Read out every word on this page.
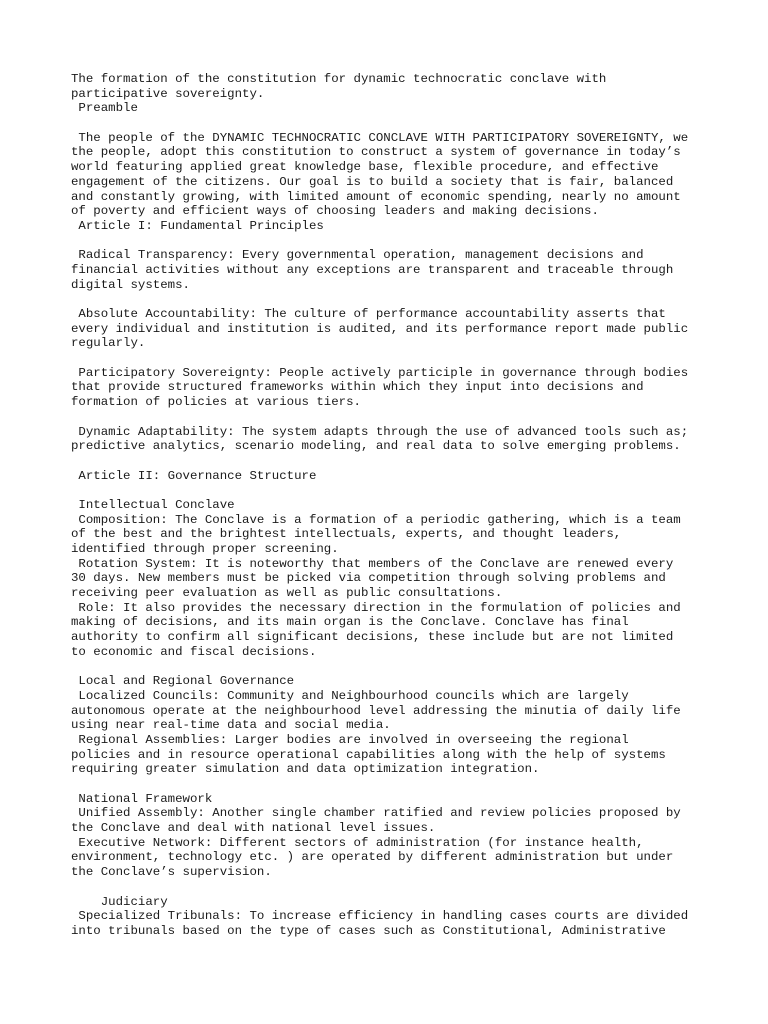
The formation of the constitution for dynamic technocratic conclave with
participative sovereignty.
Preamble
The people of the DYNAMIC TECHNOCRATIC CONCLAVE WITH PARTICIPATORY SOVEREIGNTY, we
the people, adopt this constitution to construct a system of governance in today’s
world featuring applied great knowledge base, flexible procedure, and effective
engagement of the citizens. Our goal is to build a society that is fair, balanced
and constantly growing, with limited amount of economic spending, nearly no amount
of poverty and efficient ways of choosing leaders and making decisions.
Article I: Fundamental Principles
Radical Transparency: Every governmental operation, management decisions and
financial activities without any exceptions are transparent and traceable through
digital systems.
Absolute Accountability: The culture of performance accountability asserts that
every individual and institution is audited, and its performance report made public
regularly.
Participatory Sovereignty: People actively participle in governance through bodies
that provide structured frameworks within which they input into decisions and
formation of policies at various tiers.
Dynamic Adaptability: The system adapts through the use of advanced tools such as;
predictive analytics, scenario modeling, and real data to solve emerging problems.
Article II: Governance Structure
Intellectual Conclave
Composition: The Conclave is a formation of a periodic gathering, which is a team
of the best and the brightest intellectuals, experts, and thought leaders,
identified through proper screening.
Rotation System: It is noteworthy that members of the Conclave are renewed every
30 days. New members must be picked via competition through solving problems and
receiving peer evaluation as well as public consultations.
Role: It also provides the necessary direction in the formulation of policies and
making of decisions, and its main organ is the Conclave. Conclave has final
authority to confirm all significant decisions, these include but are not limited
to economic and fiscal decisions.
Local and Regional Governance
Localized Councils: Community and Neighbourhood councils which are largely
autonomous operate at the neighbourhood level addressing the minutia of daily life
using near real-time data and social media.
Regional Assemblies: Larger bodies are involved in overseeing the regional
policies and in resource operational capabilities along with the help of systems
requiring greater simulation and data optimization integration.
National Framework
Unified Assembly: Another single chamber ratified and review policies proposed by
the Conclave and deal with national level issues.
Executive Network: Different sectors of administration (for instance health,
environment, technology etc. ) are operated by different administration but under
the Conclave’s supervision.
Judiciary
Specialized Tribunals: To increase efficiency in handling cases courts are divided
into tribunals based on the type of cases such as Constitutional, Administrative
